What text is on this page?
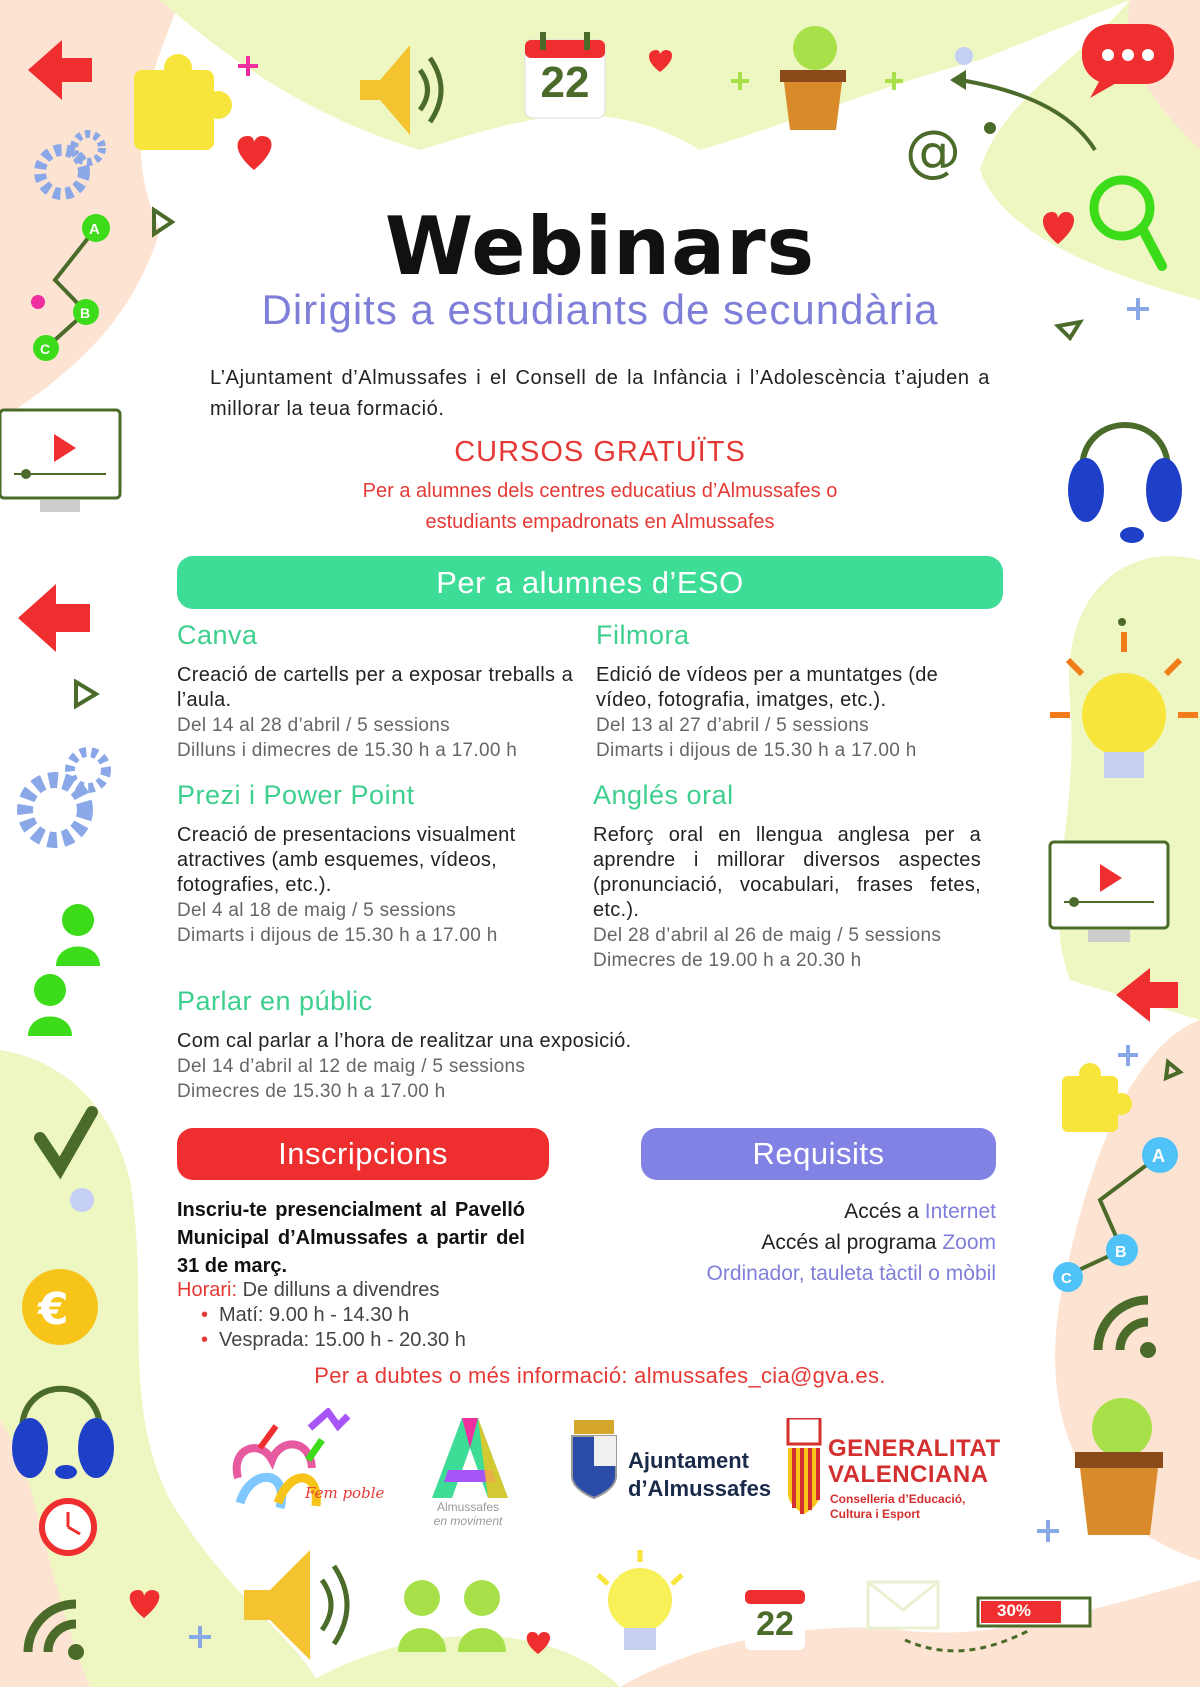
@
A
B
C
A
B
C
€
22
22	30%
Webinars
Dirigits a estudiants de secundària
L’Ajuntament d’Almussafes i el Consell de la Infància i l’Adolescència t’ajuden a millorar la teua formació.
CURSOS GRATUÏTS
Per a alumnes dels centres educatius d’Almussafes o
estudiants empadronats en Almussafes
Per a alumnes d’ESO
Canva
Creació de cartells per a exposar treballs a l’aula.
Del 14 al 28 d’abril / 5 sessions
Dilluns i dimecres de 15.30 h a 17.00 h
Filmora
Edició de vídeos per a muntatges (de vídeo, fotografia, imatges, etc.).
Del 13 al 27 d’abril / 5 sessions
Dimarts i dijous de 15.30 h a 17.00 h
Prezi i Power Point
Creació de presentacions visualment atractives (amb esquemes, vídeos, fotografies, etc.).
Del 4 al 18 de maig / 5 sessions
Dimarts i dijous de 15.30 h a 17.00 h
Anglés oral
Reforç oral en llengua anglesa per a aprendre i millorar diversos aspectes (pronunciació, vocabulari, frases fetes, etc.).
Del 28 d’abril al 26 de maig / 5 sessions
Dimecres de 19.00 h a 20.30 h
Parlar en públic
Com cal parlar a l’hora de realitzar una exposició.
Del 14 d’abril al 12 de maig / 5 sessions
Dimecres de 15.30 h a 17.00 h
Inscripcions	Requisits
Inscriu-te presencialment al Pavelló Municipal d’Almussafes a partir del 31 de març.
Horari: De dilluns a divendres
• Matí: 9.00 h - 14.30 h
• Vesprada: 15.00 h - 20.30 h
Accés a Internet
Accés al programa Zoom
Ordinador, tauleta tàctil o mòbil
Per a dubtes o més informació: almussafes_cia@gva.es.
Fem poble
Almussafes
en moviment
Ajuntament
d’Almussafes
GENERALITAT
VALENCIANA
Conselleria d’Educació,
Cultura i Esport
